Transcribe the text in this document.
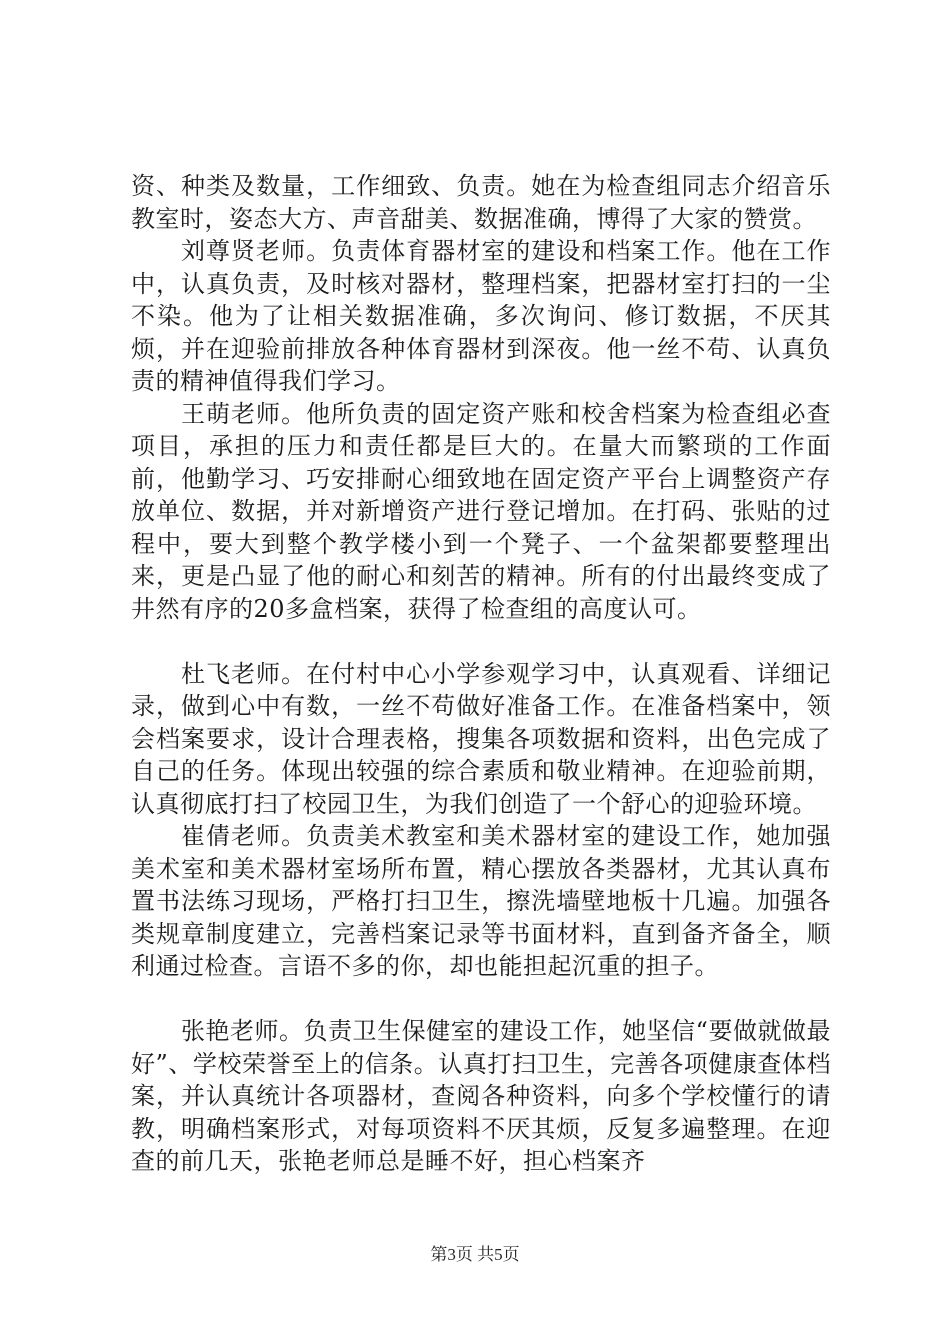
资、种类及数量，工作细致、负责。她在为检查组同志介绍音乐教室时，姿态大方、声音甜美、数据准确，博得了大家的赞赏。

刘尊贤老师。负责体育器材室的建设和档案工作。他在工作中，认真负责，及时核对器材，整理档案，把器材室打扫的一尘不染。他为了让相关数据准确，多次询问、修订数据，不厌其烦，并在迎验前排放各种体育器材到深夜。他一丝不苟、认真负责的精神值得我们学习。

王萌老师。他所负责的固定资产账和校舍档案为检查组必查项目，承担的压力和责任都是巨大的。在量大而繁琐的工作面前，他勤学习、巧安排耐心细致地在固定资产平台上调整资产存放单位、数据，并对新增资产进行登记增加。在打码、张贴的过程中，要大到整个教学楼小到一个凳子、一个盆架都要整理出来，更是凸显了他的耐心和刻苦的精神。所有的付出最终变成了井然有序的20多盒档案，获得了检查组的高度认可。

杜飞老师。在付村中心小学参观学习中，认真观看、详细记录，做到心中有数，一丝不苟做好准备工作。在准备档案中，领会档案要求，设计合理表格，搜集各项数据和资料，出色完成了自己的任务。体现出较强的综合素质和敬业精神。在迎验前期，认真彻底打扫了校园卫生，为我们创造了一个舒心的迎验环境。

崔倩老师。负责美术教室和美术器材室的建设工作，她加强美术室和美术器材室场所布置，精心摆放各类器材，尤其认真布置书法练习现场，严格打扫卫生，擦洗墙壁地板十几遍。加强各类规章制度建立，完善档案记录等书面材料，直到备齐备全，顺利通过检查。言语不多的你，却也能担起沉重的担子。

张艳老师。负责卫生保健室的建设工作，她坚信“要做就做最好”、学校荣誉至上的信条。认真打扫卫生，完善各项健康查体档案，并认真统计各项器材，查阅各种资料，向多个学校懂行的请教，明确档案形式，对每项资料不厌其烦，反复多遍整理。在迎查的前几天，张艳老师总是睡不好，担心档案齐

第3页 共5页
